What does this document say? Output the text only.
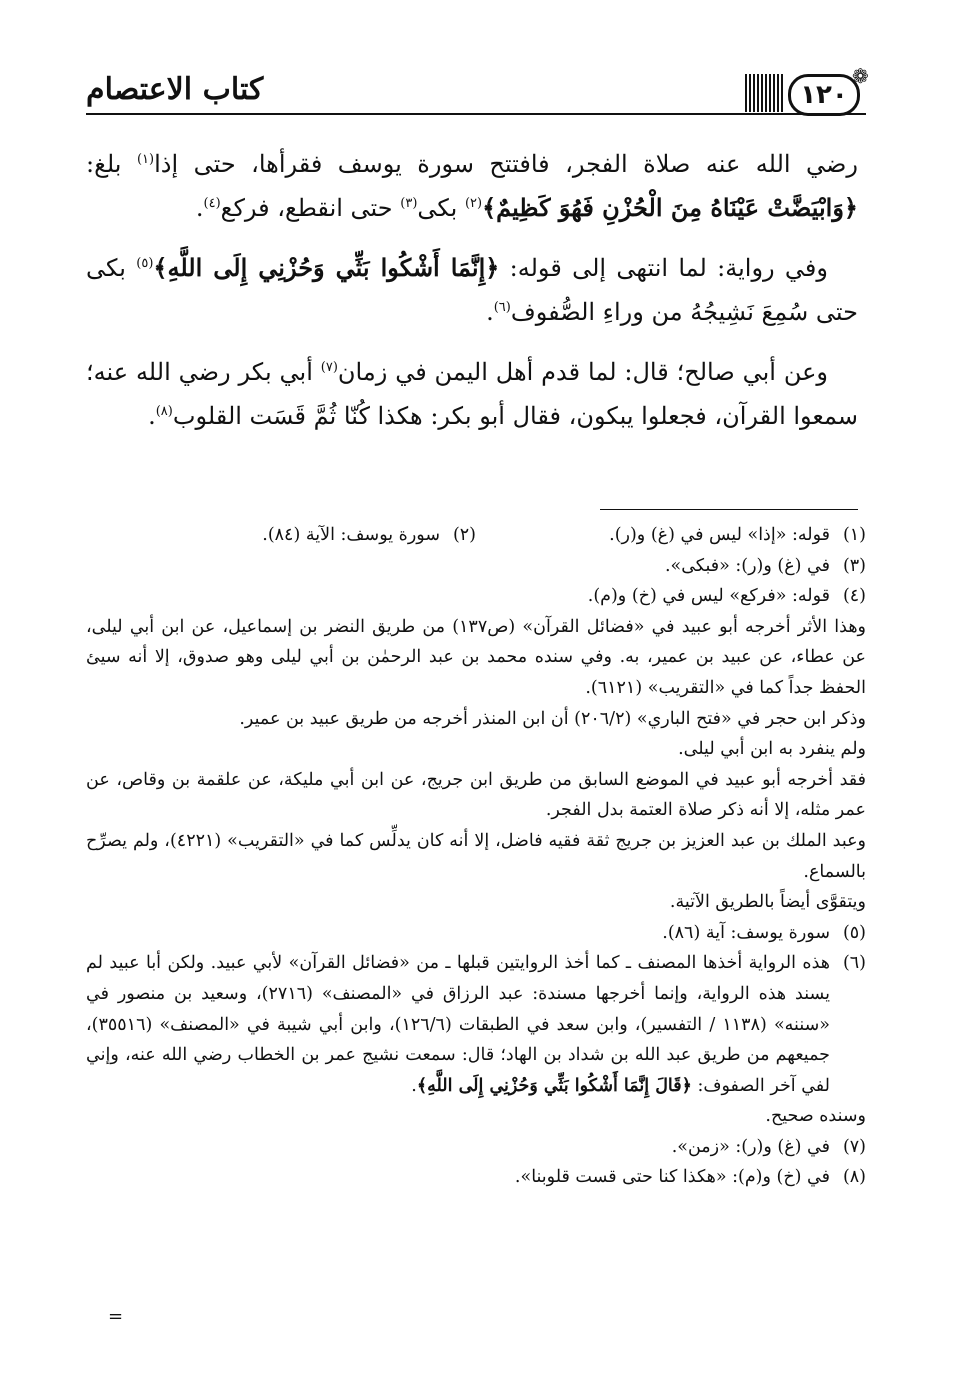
❁
١٢٠
كتاب الاعتصام

رضي الله عنه صلاة الفجر، فافتتح سورة يوسف فقرأها، حتى إذا$^{(١)}$ بلغ: ﴿وَابْيَضَّتْ عَيْنَاهُ مِنَ الْحُزْنِ فَهُوَ كَظِيمٌ﴾$^{(٢)}$ بكى$^{(٣)}$ حتى انقطع، فركع$^{(٤)}$.

وفي رواية: لما انتهى إلى قوله: ﴿إِنَّمَا أَشْكُوا بَثِّي وَحُزْنِي إِلَى اللَّهِ﴾$^{(٥)}$ بكى حتى سُمِعَ نَشِيجُهُ من وراءِ الصُّفوف$^{(٦)}$.

وعن أبي صالح؛ قال: لما قدم أهل اليمن في زمان$^{(٧)}$ أبي بكر رضي الله عنه؛ سمعوا القرآن، فجعلوا يبكون، فقال أبو بكر: هكذا كُنّا ثُمَّ قَسَت القلوب$^{(٨)}$.

(١)
قوله: «إذا» ليس في (غ) و(ر).
(٢)
سورة يوسف: الآية (٨٤).
(٣)
في (غ) و(ر): «فبكى».
(٤)
قوله: «فركع» ليس في (خ) و(م).
وهذا الأثر أخرجه أبو عبيد في «فضائل القرآن» (ص١٣٧) من طريق النضر بن إسماعيل، عن ابن أبي ليلى، عن عطاء، عن عبيد بن عمير، به. وفي سنده محمد بن عبد الرحمٰن بن أبي ليلى وهو صدوق، إلا أنه سيئ الحفظ جداً كما في «التقريب» (٦١٢١).
وذكر ابن حجر في «فتح الباري» (٢٠٦/٢) أن ابن المنذر أخرجه من طريق عبيد بن عمير.
ولم ينفرد به ابن أبي ليلى.
فقد أخرجه أبو عبيد في الموضع السابق من طريق ابن جريج، عن ابن أبي مليكة، عن علقمة بن وقاص، عن عمر مثله، إلا أنه ذكر صلاة العتمة بدل الفجر.
وعبد الملك بن عبد العزيز بن جريج ثقة فقيه فاضل، إلا أنه كان يدلِّس كما في «التقريب» (٤٢٢١)، ولم يصرِّح بالسماع.
ويتقوَّى أيضاً بالطريق الآتية.
(٥)
سورة يوسف: آية (٨٦).
(٦)
هذه الرواية أخذها المصنف ـ كما أخذ الروايتين قبلها ـ من «فضائل القرآن» لأبي عبيد. ولكن أبا عبيد لم يسند هذه الرواية، وإنما أخرجها مسندة: عبد الرزاق في «المصنف» (٢٧١٦)، وسعيد بن منصور في «سننه» (١١٣٨ / التفسير)، وابن سعد في الطبقات (١٢٦/٦)، وابن أبي شيبة في «المصنف» (٣٥٥١٦)، جميعهم من طريق عبد الله بن شداد بن الهاد؛ قال: سمعت نشيج عمر بن الخطاب رضي الله عنه، وإني لفي آخر الصفوف: ﴿قَالَ إِنَّمَا أَشْكُوا بَثِّي وَحُزْنِي إِلَى اللَّهِ﴾.
وسنده صحيح.
(٧)
في (غ) و(ر): «زمن».
(٨)
في (خ) و(م): «هكذا كنا حتى قست قلوبنا».
=
